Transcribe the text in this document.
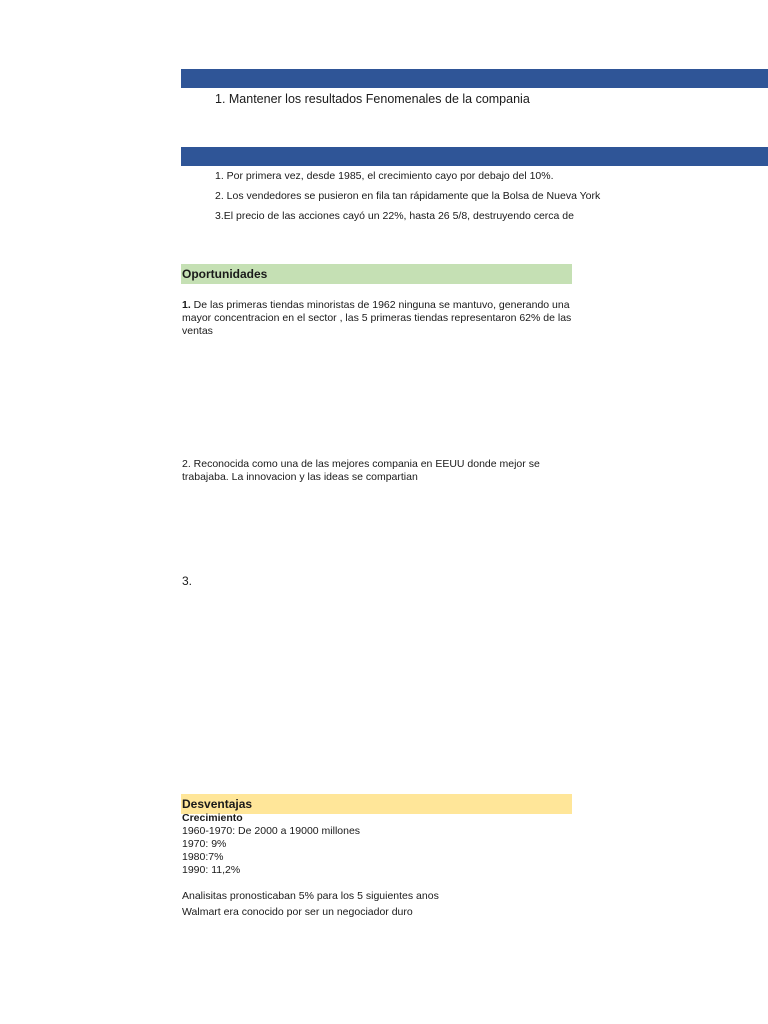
1. Mantener los resultados Fenomenales de la compania
1. Por primera vez, desde 1985, el crecimiento cayo por debajo del 10%.
2. Los vendedores se pusieron en fila tan rápidamente que la Bolsa de Nueva York
3.El precio de las acciones cayó un 22%, hasta 26 5/8, destruyendo cerca de
Oportunidades
1. De las primeras tiendas minoristas de 1962 ninguna se mantuvo, generando una mayor concentracion en el sector , las 5 primeras tiendas representaron 62% de las ventas
2. Reconocida como una de las mejores compania en EEUU donde mejor se trabajaba. La innovacion y las ideas se compartian
3.
Desventajas
Crecimiento
1960-1970: De 2000 a 19000 millones
1970: 9%
1980:7%
1990: 11,2%
Analisitas pronosticaban 5% para los 5 siguientes anos
Walmart era conocido por ser un negociador duro
